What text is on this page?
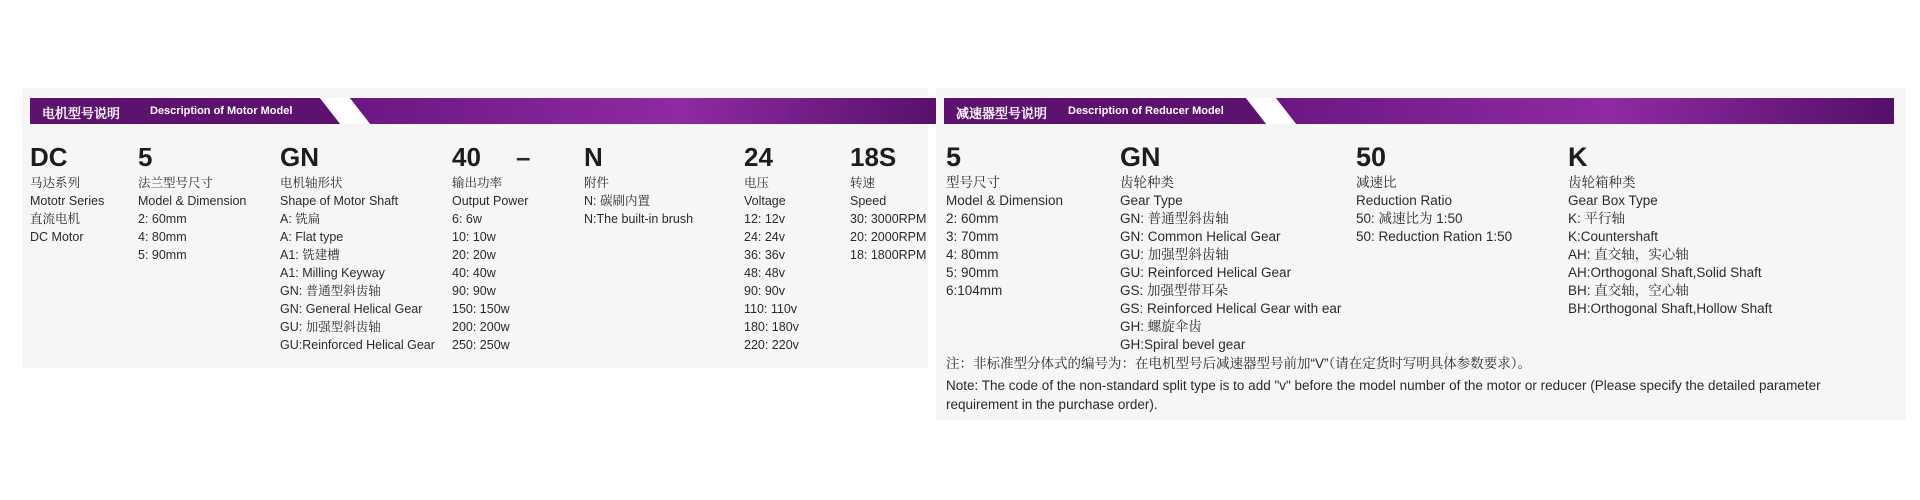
电机型号说明	Description of Motor Model
DC
马达系列
Mototr Series
直流电机
DC Motor
5
法兰型号尺寸
Model & Dimension
2: 60mm
4: 80mm
5: 90mm
GN
电机轴形状
Shape of Motor Shaft
A: 铣扁
A: Flat type
A1: 铣建槽
A1: Milling Keyway
GN: 普通型斜齿轴
GN: General Helical Gear
GU: 加强型斜齿轴
GU:Reinforced Helical Gear
40
输出功率
Output Power
6: 6w
10: 10w
20: 20w
40: 40w
90: 90w
150: 150w
200: 200w
250: 250w
N
附件
N: 碳刷内置
N:The built-in brush
24
电压
Voltage
12: 12v
24: 24v
36: 36v
48: 48v
90: 90v
110: 110v
180: 180v
220: 220v
18S
转速
Speed
30: 3000RPM
20: 2000RPM
18: 1800RPM
–
减速器型号说明 Description of Reducer Model
注：非标准型分体式的编号为：在电机型号后减速器型号前加“V”（请在定货时写明具体参数要求）。
Note: The code of the non-standard split type is to add "v" before the model number of the motor or reducer (Please specify the detailed parameter requirement in the purchase order).
5
型号尺寸
Model & Dimension
2: 60mm
3: 70mm
4: 80mm
5: 90mm
6:104mm
GN
齿轮种类
Gear Type
GN: 普通型斜齿轴
GN: Common Helical Gear
GU: 加强型斜齿轴
GU: Reinforced Helical Gear
GS: 加强型带耳朵
GS: Reinforced Helical Gear with ear
GH: 螺旋伞齿
GH:Spiral bevel gear
50
减速比
Reduction Ratio
50: 减速比为 1:50
50: Reduction Ration 1:50
K
齿轮箱种类
Gear Box Type
K: 平行轴
K:Countershaft
AH: 直交轴，实心轴
AH:Orthogonal Shaft,Solid Shaft
BH: 直交轴，空心轴
BH:Orthogonal Shaft,Hollow Shaft
